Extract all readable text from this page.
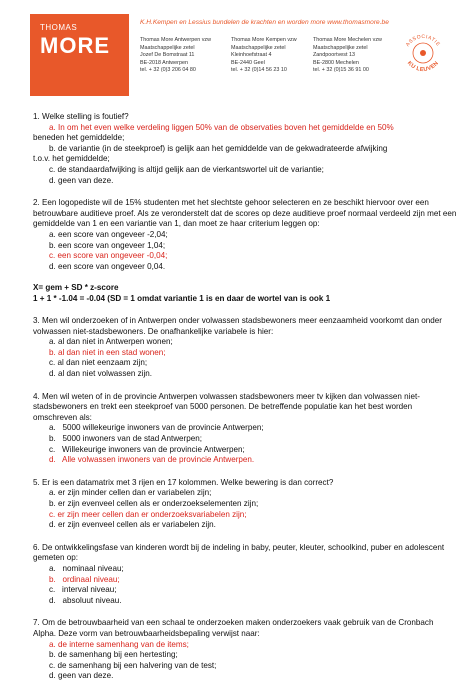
THOMAS
MORE
K.H.Kempen en Lessius bundelen de krachten en worden more www.thomasmore.be
Thomas More Antwerpen vzw
Maatschappelijke zetel
Jozef De Bomstraat 11
BE-2018 Antwerpen
tel. + 32 (0)3 206 04 80
Thomas More Kempen vzw
Maatschappelijke zetel
Kleinhoefstraat 4
BE-2440 Geel
tel. + 32 (0)14 56 23 10
Thomas More Mechelen vzw
Maatschappelijke zetel
Zandpoortvest 13
BE-2800 Mechelen
tel. + 32 (0)15 36 91 00
ASSOCIATIE
KU LEUVEN

1. Welke stelling is foutief?

a. In om het even welke verdeling liggen 50% van de observaties boven het gemiddelde en 50%

beneden het gemiddelde;

b. de variantie (in de steekproef) is gelijk aan het gemiddelde van de gekwadrateerde afwijking

t.o.v. het gemiddelde;

c. de standaardafwijking is altijd gelijk aan de vierkantswortel uit de variantie;

d. geen van deze.

2. Een logopediste wil de 15% studenten met het slechtste gehoor selecteren en ze beschikt hiervoor over een betrouwbare auditieve proef. Als ze veronderstelt dat de scores op deze auditieve proef normaal verdeeld zijn met een gemiddelde van 1 en een variantie van 1, dan moet ze haar criterium leggen op:

a. een score van ongeveer -2,04;

b. een score van ongeveer 1,04;

c. een score van ongeveer -0,04;

d. een score van ongeveer 0,04.

X= gem + SD * z-score

1 + 1 * -1.04 = -0.04 (SD = 1 omdat variantie 1 is en daar de wortel van is ook 1

3. Men wil onderzoeken of in Antwerpen onder volwassen stadsbewoners meer eenzaamheid voorkomt dan onder volwassen niet-stadsbewoners. De onafhankelijke variabele is hier:

a. al dan niet in Antwerpen wonen;

b. al dan niet in een stad wonen;

c. al dan niet eenzaam zijn;

d. al dan niet volwassen zijn.

4. Men wil weten of in de provincie Antwerpen volwassen stadsbewoners meer tv kijken dan volwassen niet-stadsbewoners en trekt een steekproef van 5000 personen. De betreffende populatie kan het best worden omschreven als:

a.   5000 willekeurige inwoners van de provincie Antwerpen;

b.   5000 inwoners van de stad Antwerpen;

c.   Willekeurige inwoners van de provincie Antwerpen;

d.   Alle volwassen inwoners van de provincie Antwerpen.

5. Er is een datamatrix met 3 rijen en 17 kolommen. Welke bewering is dan correct?

a. er zijn minder cellen dan er variabelen zijn;

b. er zijn evenveel cellen als er onderzoekselementen zijn;

c. er zijn meer cellen dan er onderzoeksvariabelen zijn;

d. er zijn evenveel cellen als er variabelen zijn.

6. De ontwikkelingsfase van kinderen wordt bij de indeling in baby, peuter, kleuter, schoolkind, puber en adolescent gemeten op:

a.   nominaal niveau;

b.   ordinaal niveau;

c.   interval niveau;

d.   absoluut niveau.

7. Om de betrouwbaarheid van een schaal te onderzoeken maken onderzoekers vaak gebruik van de Cronbach Alpha. Deze vorm van betrouwbaarheidsbepaling verwijst naar:

a. de interne samenhang van de items;

b. de samenhang bij een hertesting;

c. de samenhang bij een halvering van de test;

d. geen van deze.
